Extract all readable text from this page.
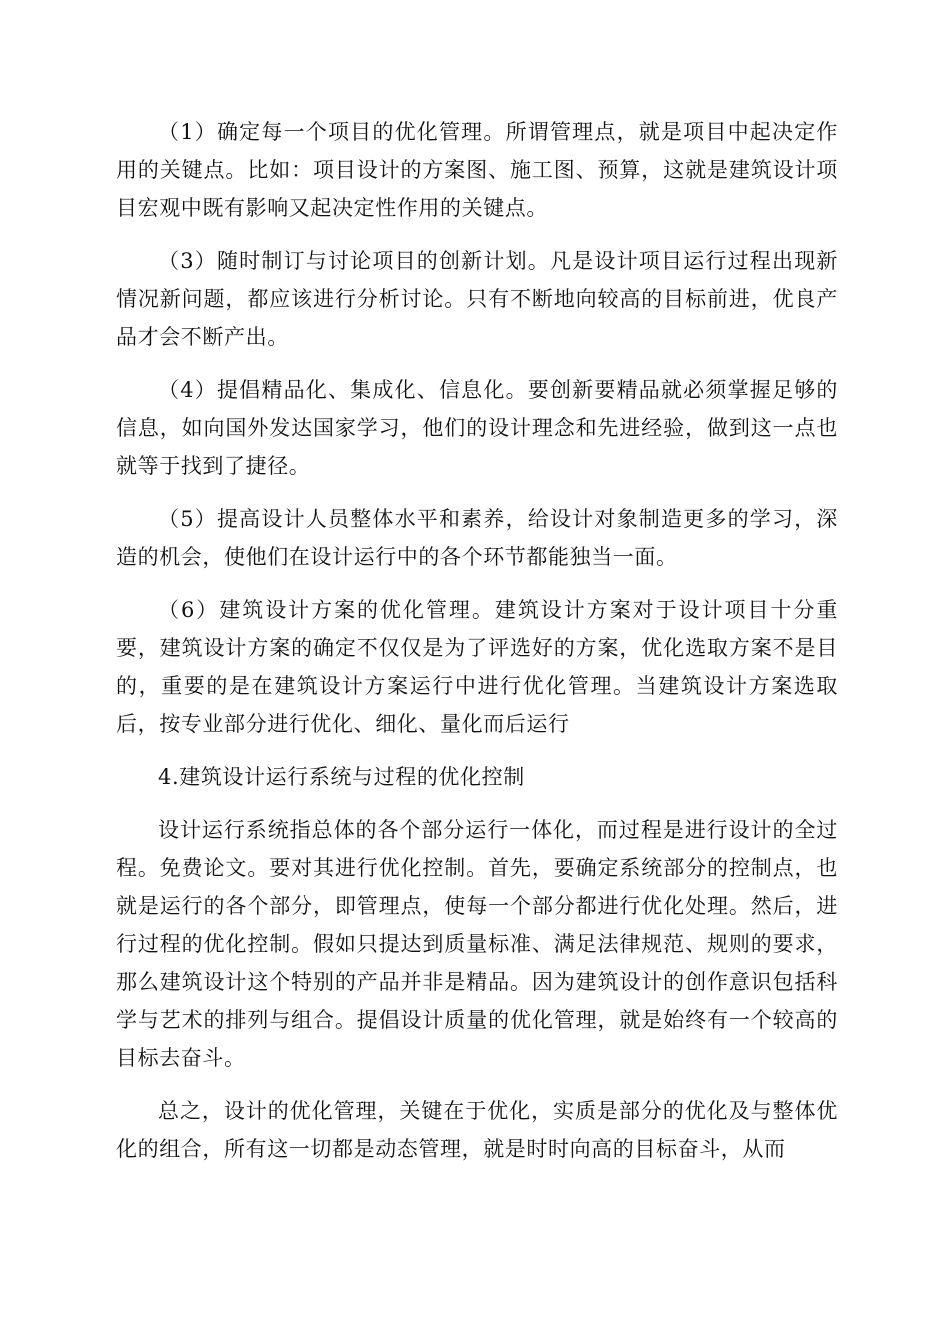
（1）确定每一个项目的优化管理。所谓管理点，就是项目中起决定作用的关键点。比如：项目设计的方案图、施工图、预算，这就是建筑设计项目宏观中既有影响又起决定性作用的关键点。

（3）随时制订与讨论项目的创新计划。凡是设计项目运行过程出现新情况新问题，都应该进行分析讨论。只有不断地向较高的目标前进，优良产品才会不断产出。

（4）提倡精品化、集成化、信息化。要创新要精品就必须掌握足够的信息，如向国外发达国家学习，他们的设计理念和先进经验，做到这一点也就等于找到了捷径。

（5）提高设计人员整体水平和素养，给设计对象制造更多的学习，深造的机会，使他们在设计运行中的各个环节都能独当一面。

（6）建筑设计方案的优化管理。建筑设计方案对于设计项目十分重要，建筑设计方案的确定不仅仅是为了评选好的方案，优化选取方案不是目的，重要的是在建筑设计方案运行中进行优化管理。当建筑设计方案选取后，按专业部分进行优化、细化、量化而后运行

4.建筑设计运行系统与过程的优化控制

设计运行系统指总体的各个部分运行一体化，而过程是进行设计的全过程。免费论文。要对其进行优化控制。首先，要确定系统部分的控制点，也就是运行的各个部分，即管理点，使每一个部分都进行优化处理。然后，进行过程的优化控制。假如只提达到质量标准、满足法律规范、规则的要求，那么建筑设计这个特别的产品并非是精品。因为建筑设计的创作意识包括科学与艺术的排列与组合。提倡设计质量的优化管理，就是始终有一个较高的目标去奋斗。

总之，设计的优化管理，关键在于优化，实质是部分的优化及与整体优化的组合，所有这一切都是动态管理，就是时时向高的目标奋斗，从而
